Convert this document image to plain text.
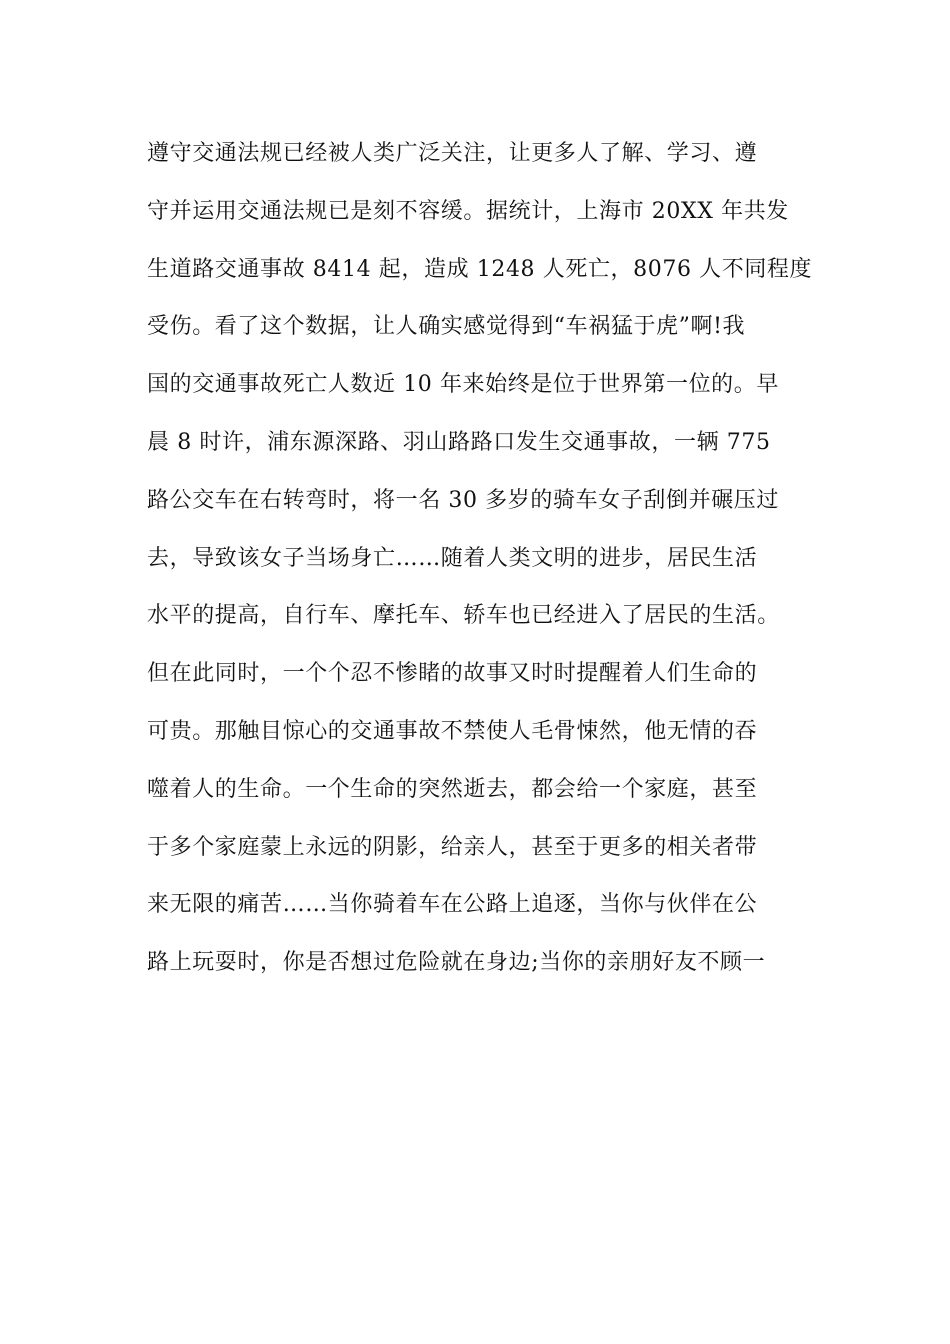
遵守交通法规已经被人类广泛关注，让更多人了解、学习、遵
守并运用交通法规已是刻不容缓。据统计，上海市 20XX 年共发
生道路交通事故 8414 起，造成 1248 人死亡，8076 人不同程度
受伤。看了这个数据，让人确实感觉得到“车祸猛于虎”啊!我
国的交通事故死亡人数近 10 年来始终是位于世界第一位的。早
晨 8 时许，浦东源深路、羽山路路口发生交通事故，一辆 775
路公交车在右转弯时，将一名 30 多岁的骑车女子刮倒并碾压过
去，导致该女子当场身亡……随着人类文明的进步，居民生活
水平的提高，自行车、摩托车、轿车也已经进入了居民的生活。
但在此同时，一个个忍不惨睹的故事又时时提醒着人们生命的
可贵。那触目惊心的交通事故不禁使人毛骨悚然，他无情的吞
噬着人的生命。一个生命的突然逝去，都会给一个家庭，甚至
于多个家庭蒙上永远的阴影，给亲人，甚至于更多的相关者带
来无限的痛苦……当你骑着车在公路上追逐，当你与伙伴在公
路上玩耍时，你是否想过危险就在身边;当你的亲朋好友不顾一
